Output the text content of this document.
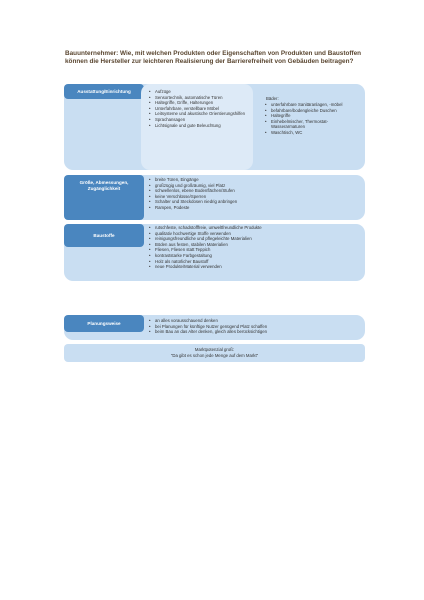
Bauunternehmer: Wie, mit welchen Produkten oder Eigenschaften von Produkten und Baustoffen können die Hersteller zur leichteren Realisierung der Barrierefreiheit von Gebäuden beitragen?
Ausstattung/Einrichtung
•	Aufzüge
• Sensortechnik, automatische Türen
• Haltegriffe, Griffe, Halterungen
• Unterfahrbare, verstellbare Möbel
• Leitsysteme und akustische Orientierungshilfen
• Sprachansagen
• Lichtsignale und gute Beleuchtung
Bäder:
• unterfahrbare Sanitäranlagen, -möbel
• befahrbare/bodengleiche Duschen
• Haltegriffe
• Einhebelmischer, Thermostat-Wasserarmaturen
• Waschtisch, WC
Größe, Abmessungen, Zugänglichkeit
• breite Türen, Eingänge
• großzügig und großräumig, viel Platz
• schwellenlos, ebene Bodenflächen/Stufen
• keine Verschlüsse/Sperren
• Schalter und Steckdosen niedrig anbringen
• Rampen, Podeste
Baustoffe
• rutschfeste, schadstofffreie, umweltfreundliche Produkte
• qualitativ hochwertige Stoffe verwenden
• reinigungsfreundliche und pflegeleichte Materialien
• Böden aus festen, stabilen Materialien
• Fliesen, Fliesen statt Teppich
• kontraststarke Farbgestaltung
• Holz als natürlicher Baustoff
• neue Produkte/Material verwenden
Planungsweise
• an alles vorausschauend denken
• bei Planungen für künftige Nutzer genügend Platz schaffen
• beim Bau an das Alter denken, gleich alles berücksichtigen
Marktpotenzial groß:
"Da gibt es schon jede Menge auf dem Markt"
